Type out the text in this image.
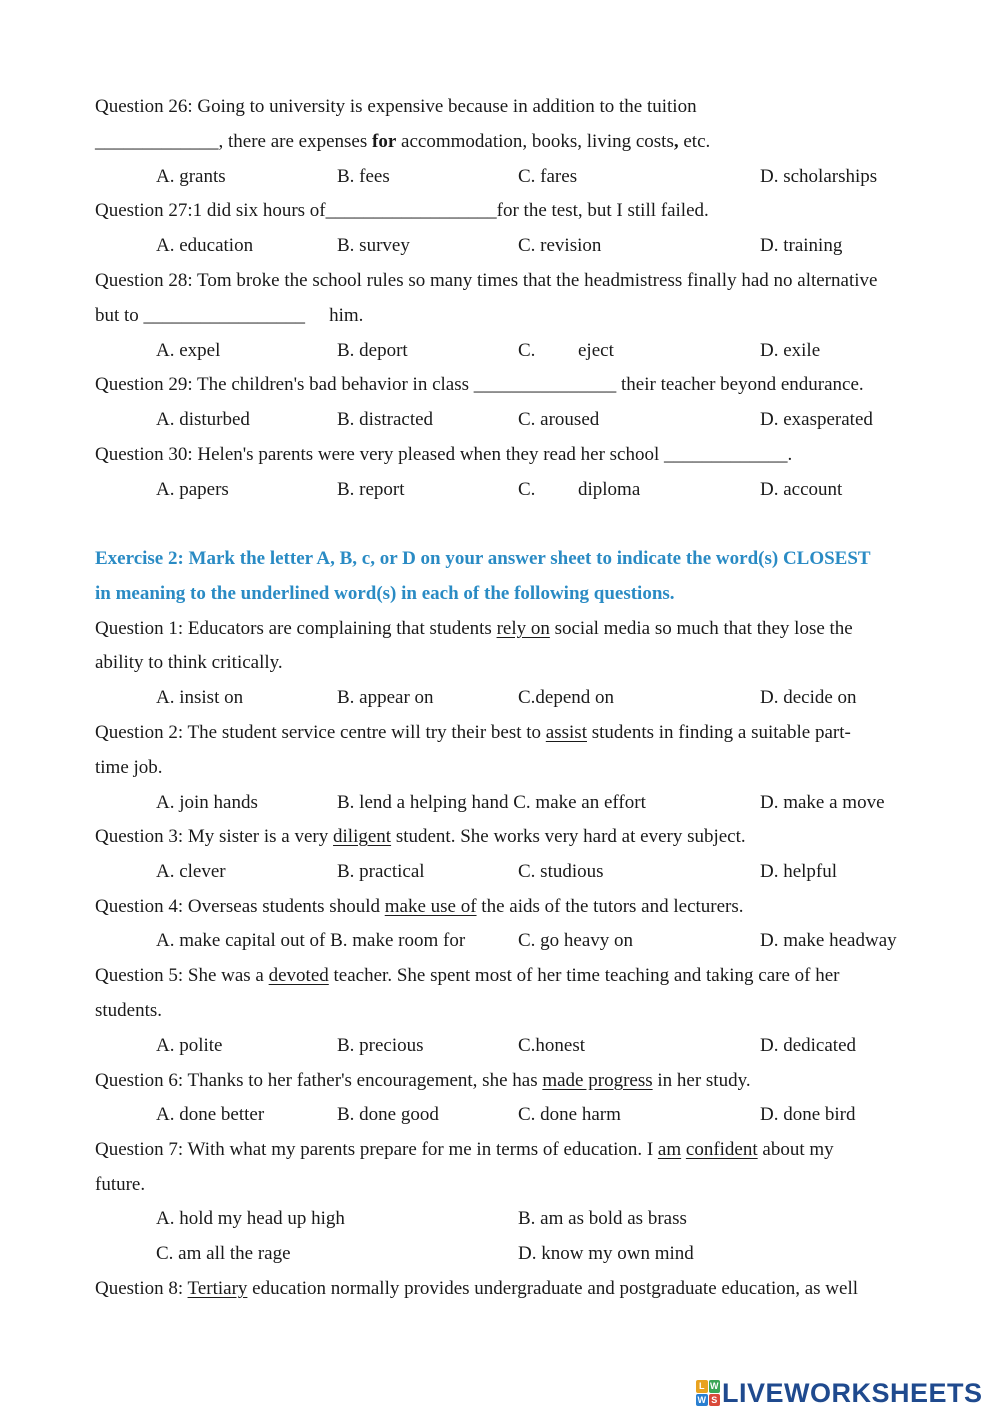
Question 26: Going to university is expensive because in addition to the tuition
_____________, there are expenses for accommodation, books, living costs, etc.
A. grants	B. fees	C. fares	D. scholarships
Question 27:1 did six hours of__________________for the test, but I still failed.
A. education	B. survey	C. revision	D. training
Question 28: Tom broke the school rules so many times that the headmistress finally had no alternative
but to _________________ him.
A. expel	B. deport	C. eject	D. exile
Question 29: The children's bad behavior in class _______________ their teacher beyond endurance.
A. disturbed	B. distracted	C. aroused	D. exasperated
Question 30: Helen's parents were very pleased when they read her school _____________.
A. papers	B. report	C. diploma	D. account
Exercise 2: Mark the letter A, B, c, or D on your answer sheet to indicate the word(s) CLOSEST
in meaning to the underlined word(s) in each of the following questions.
Question 1: Educators are complaining that students rely on social media so much that they lose the
ability to think critically.
A. insist on	B. appear on	C.depend on	D. decide on
Question 2: The student service centre will try their best to assist students in finding a suitable part-
time job.
A. join hands	B. lend a helping hand C. make an effort	D. make a move
Question 3: My sister is a very diligent student. She works very hard at every subject.
A. clever	B. practical	C. studious	D. helpful
Question 4: Overseas students should make use of the aids of the tutors and lecturers.
A. make capital out of B. make room for	C. go heavy on	D. make headway
Question 5: She was a devoted teacher. She spent most of her time teaching and taking care of her
students.
A. polite	B. precious	C.honest	D. dedicated
Question 6: Thanks to her father's encouragement, she has made progress in her study.
A. done better	B. done good	C. done harm	D. done bird
Question 7: With what my parents prepare for me in terms of education. I am confident about my
future.
A. hold my head up high	B. am as bold as brass
C. am all the rage	D. know my own mind
Question 8: Tertiary education normally provides undergraduate and postgraduate education, as well
L W
W S LIVEWORKSHEETS
